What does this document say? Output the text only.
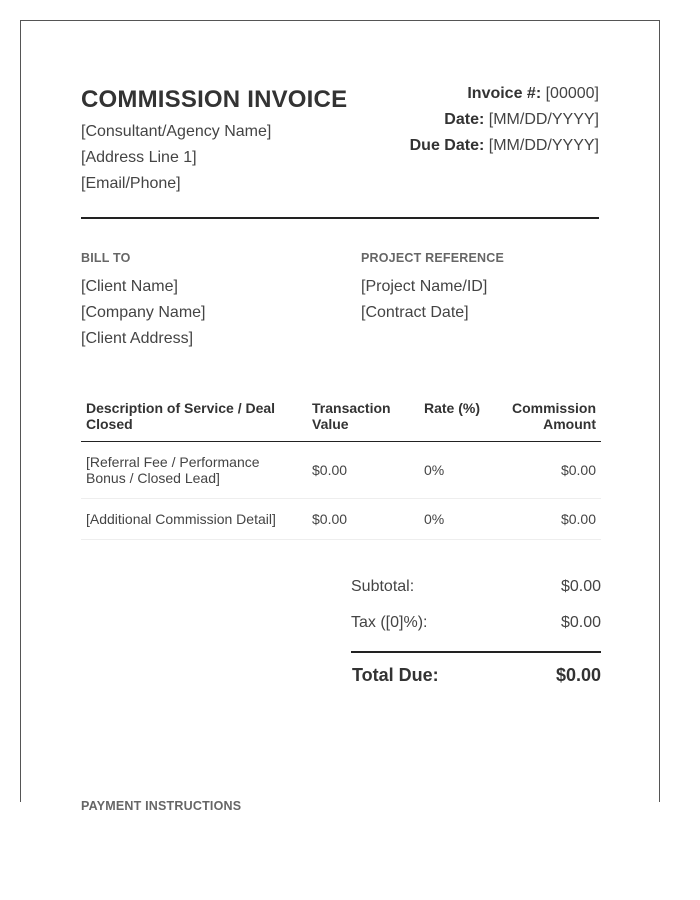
COMMISSION INVOICE
[Consultant/Agency Name]
[Address Line 1]
[Email/Phone]
Invoice #: [00000]
Date: [MM/DD/YYYY]
Due Date: [MM/DD/YYYY]
BILL TO
[Client Name]
[Company Name]
[Client Address]
PROJECT REFERENCE
[Project Name/ID]
[Contract Date]
Description of Service / Deal Closed	Transaction Value	Rate (%)	Commission Amount
[Referral Fee / Performance Bonus / Closed Lead]	$0.00	0%	$0.00
[Additional Commission Detail]	$0.00	0%	$0.00
Subtotal:	$0.00
Tax ([0]%):	$0.00
Total Due:	$0.00
PAYMENT INSTRUCTIONS
